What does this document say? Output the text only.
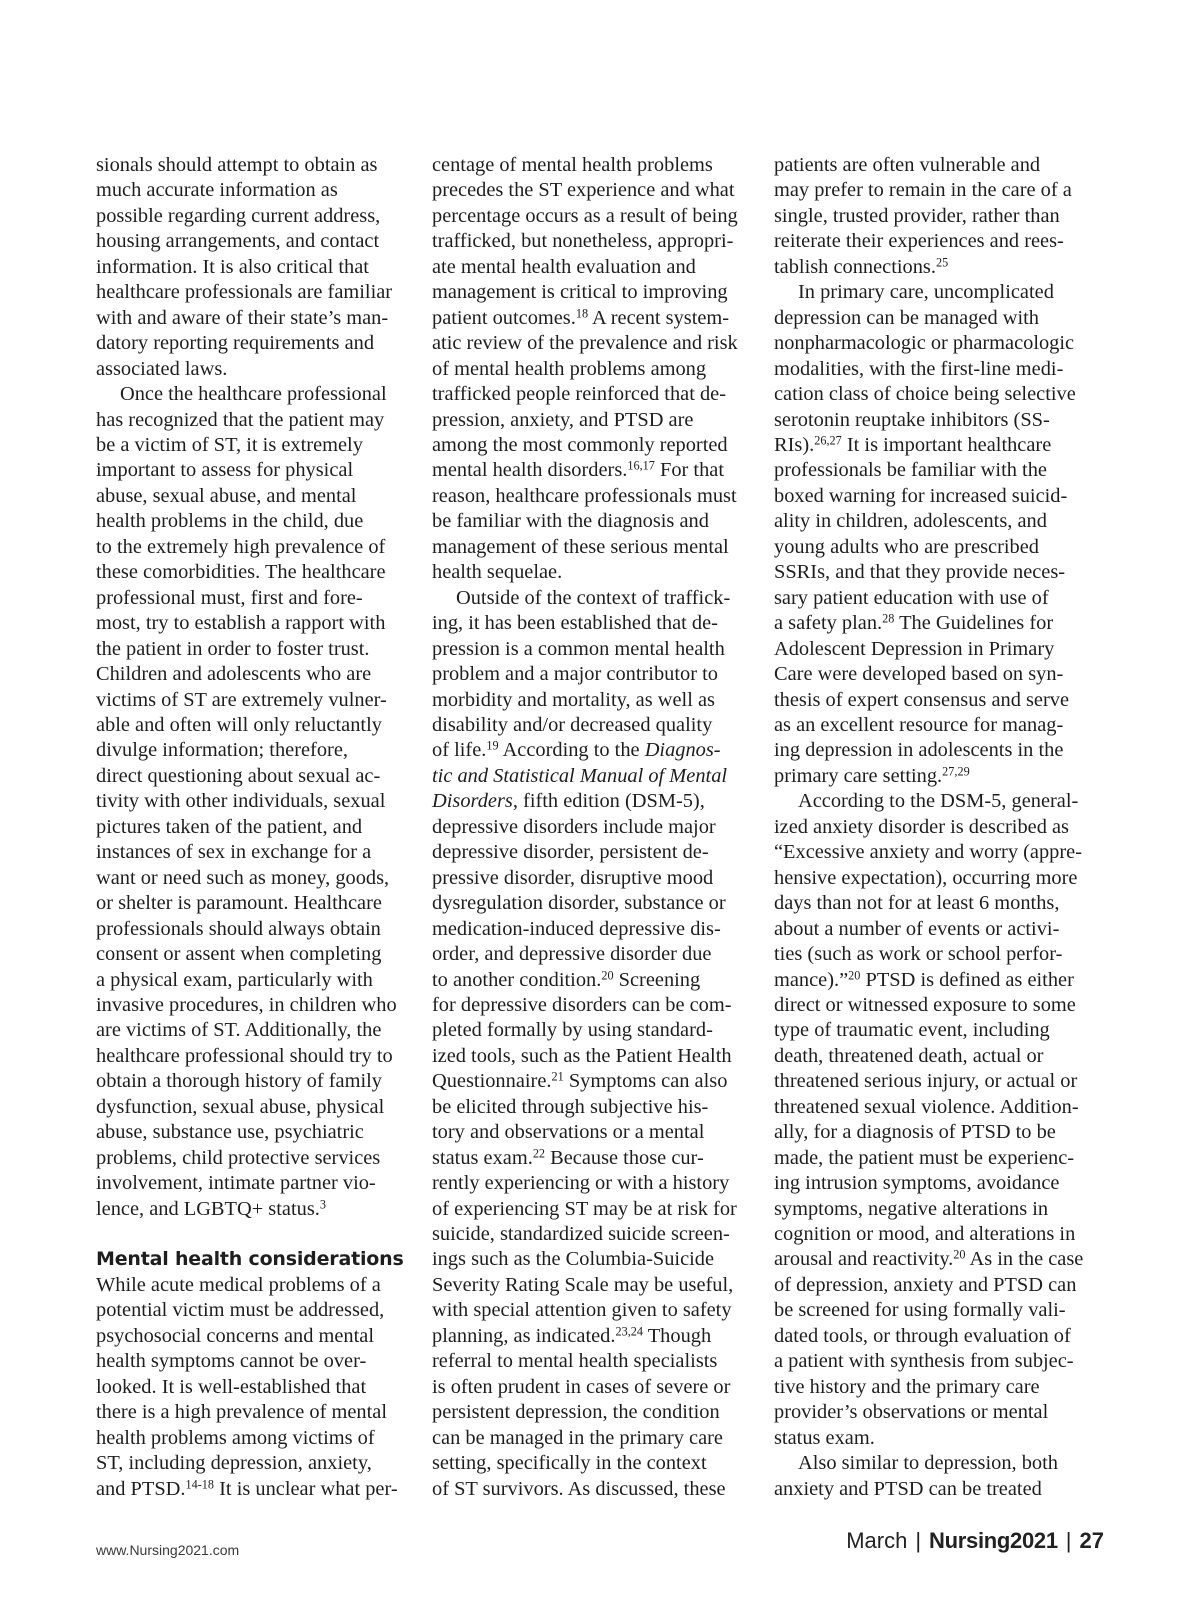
sionals should attempt to obtain as
much accurate information as
possible regarding current address,
housing arrangements, and contact
information. It is also critical that
healthcare professionals are familiar
with and aware of their state’s man-
datory reporting requirements and
associated laws.
Once the healthcare professional
has recognized that the patient may
be a victim of ST, it is extremely
important to assess for physical
abuse, sexual abuse, and mental
health problems in the child, due
to the extremely high prevalence of
these comorbidities. The healthcare
professional must, first and fore-
most, try to establish a rapport with
the patient in order to foster trust.
Children and adolescents who are
victims of ST are extremely vulner-
able and often will only reluctantly
divulge information; therefore,
direct questioning about sexual ac-
tivity with other individuals, sexual
pictures taken of the patient, and
instances of sex in exchange for a
want or need such as money, goods,
or shelter is paramount. Healthcare
professionals should always obtain
consent or assent when completing
a physical exam, particularly with
invasive procedures, in children who
are victims of ST. Additionally, the
healthcare professional should try to
obtain a thorough history of family
dysfunction, sexual abuse, physical
abuse, substance use, psychiatric
problems, child protective services
involvement, intimate partner vio-
lence, and LGBTQ+ status.$^3$
Mental health considerations
While acute medical problems of a
potential victim must be addressed,
psychosocial concerns and mental
health symptoms cannot be over-
looked. It is well-established that
there is a high prevalence of mental
health problems among victims of
ST, including depression, anxiety,
and PTSD.$^{14-18}$ It is unclear what per-
centage of mental health problems
precedes the ST experience and what
percentage occurs as a result of being
trafficked, but nonetheless, appropri-
ate mental health evaluation and
management is critical to improving
patient outcomes.$^{18}$ A recent system-
atic review of the prevalence and risk
of mental health problems among
trafficked people reinforced that de-
pression, anxiety, and PTSD are
among the most commonly reported
mental health disorders.$^{16,17}$ For that
reason, healthcare professionals must
be familiar with the diagnosis and
management of these serious mental
health sequelae.
Outside of the context of traffick-
ing, it has been established that de-
pression is a common mental health
problem and a major contributor to
morbidity and mortality, as well as
disability and/or decreased quality
of life.$^{19}$ According to the Diagnos-
tic and Statistical Manual of Mental
Disorders, fifth edition (DSM-5),
depressive disorders include major
depressive disorder, persistent de-
pressive disorder, disruptive mood
dysregulation disorder, substance or
medication-induced depressive dis-
order, and depressive disorder due
to another condition.$^{20}$ Screening
for depressive disorders can be com-
pleted formally by using standard-
ized tools, such as the Patient Health
Questionnaire.$^{21}$ Symptoms can also
be elicited through subjective his-
tory and observations or a mental
status exam.$^{22}$ Because those cur-
rently experiencing or with a history
of experiencing ST may be at risk for
suicide, standardized suicide screen-
ings such as the Columbia-Suicide
Severity Rating Scale may be useful,
with special attention given to safety
planning, as indicated.$^{23,24}$ Though
referral to mental health specialists
is often prudent in cases of severe or
persistent depression, the condition
can be managed in the primary care
setting, specifically in the context
of ST survivors. As discussed, these
patients are often vulnerable and
may prefer to remain in the care of a
single, trusted provider, rather than
reiterate their experiences and rees-
tablish connections.$^{25}$
In primary care, uncomplicated
depression can be managed with
nonpharmacologic or pharmacologic
modalities, with the first-line medi-
cation class of choice being selective
serotonin reuptake inhibitors (SS-
RIs).$^{26,27}$ It is important healthcare
professionals be familiar with the
boxed warning for increased suicid-
ality in children, adolescents, and
young adults who are prescribed
SSRIs, and that they provide neces-
sary patient education with use of
a safety plan.$^{28}$ The Guidelines for
Adolescent Depression in Primary
Care were developed based on syn-
thesis of expert consensus and serve
as an excellent resource for manag-
ing depression in adolescents in the
primary care setting.$^{27,29}$
According to the DSM-5, general-
ized anxiety disorder is described as
“Excessive anxiety and worry (appre-
hensive expectation), occurring more
days than not for at least 6 months,
about a number of events or activi-
ties (such as work or school perfor-
mance).”$^{20}$ PTSD is defined as either
direct or witnessed exposure to some
type of traumatic event, including
death, threatened death, actual or
threatened serious injury, or actual or
threatened sexual violence. Addition-
ally, for a diagnosis of PTSD to be
made, the patient must be experienc-
ing intrusion symptoms, avoidance
symptoms, negative alterations in
cognition or mood, and alterations in
arousal and reactivity.$^{20}$ As in the case
of depression, anxiety and PTSD can
be screened for using formally vali-
dated tools, or through evaluation of
a patient with synthesis from subjec-
tive history and the primary care
provider’s observations or mental
status exam.
Also similar to depression, both
anxiety and PTSD can be treated
www.Nursing2021.com	March | Nursing2021 | 27
